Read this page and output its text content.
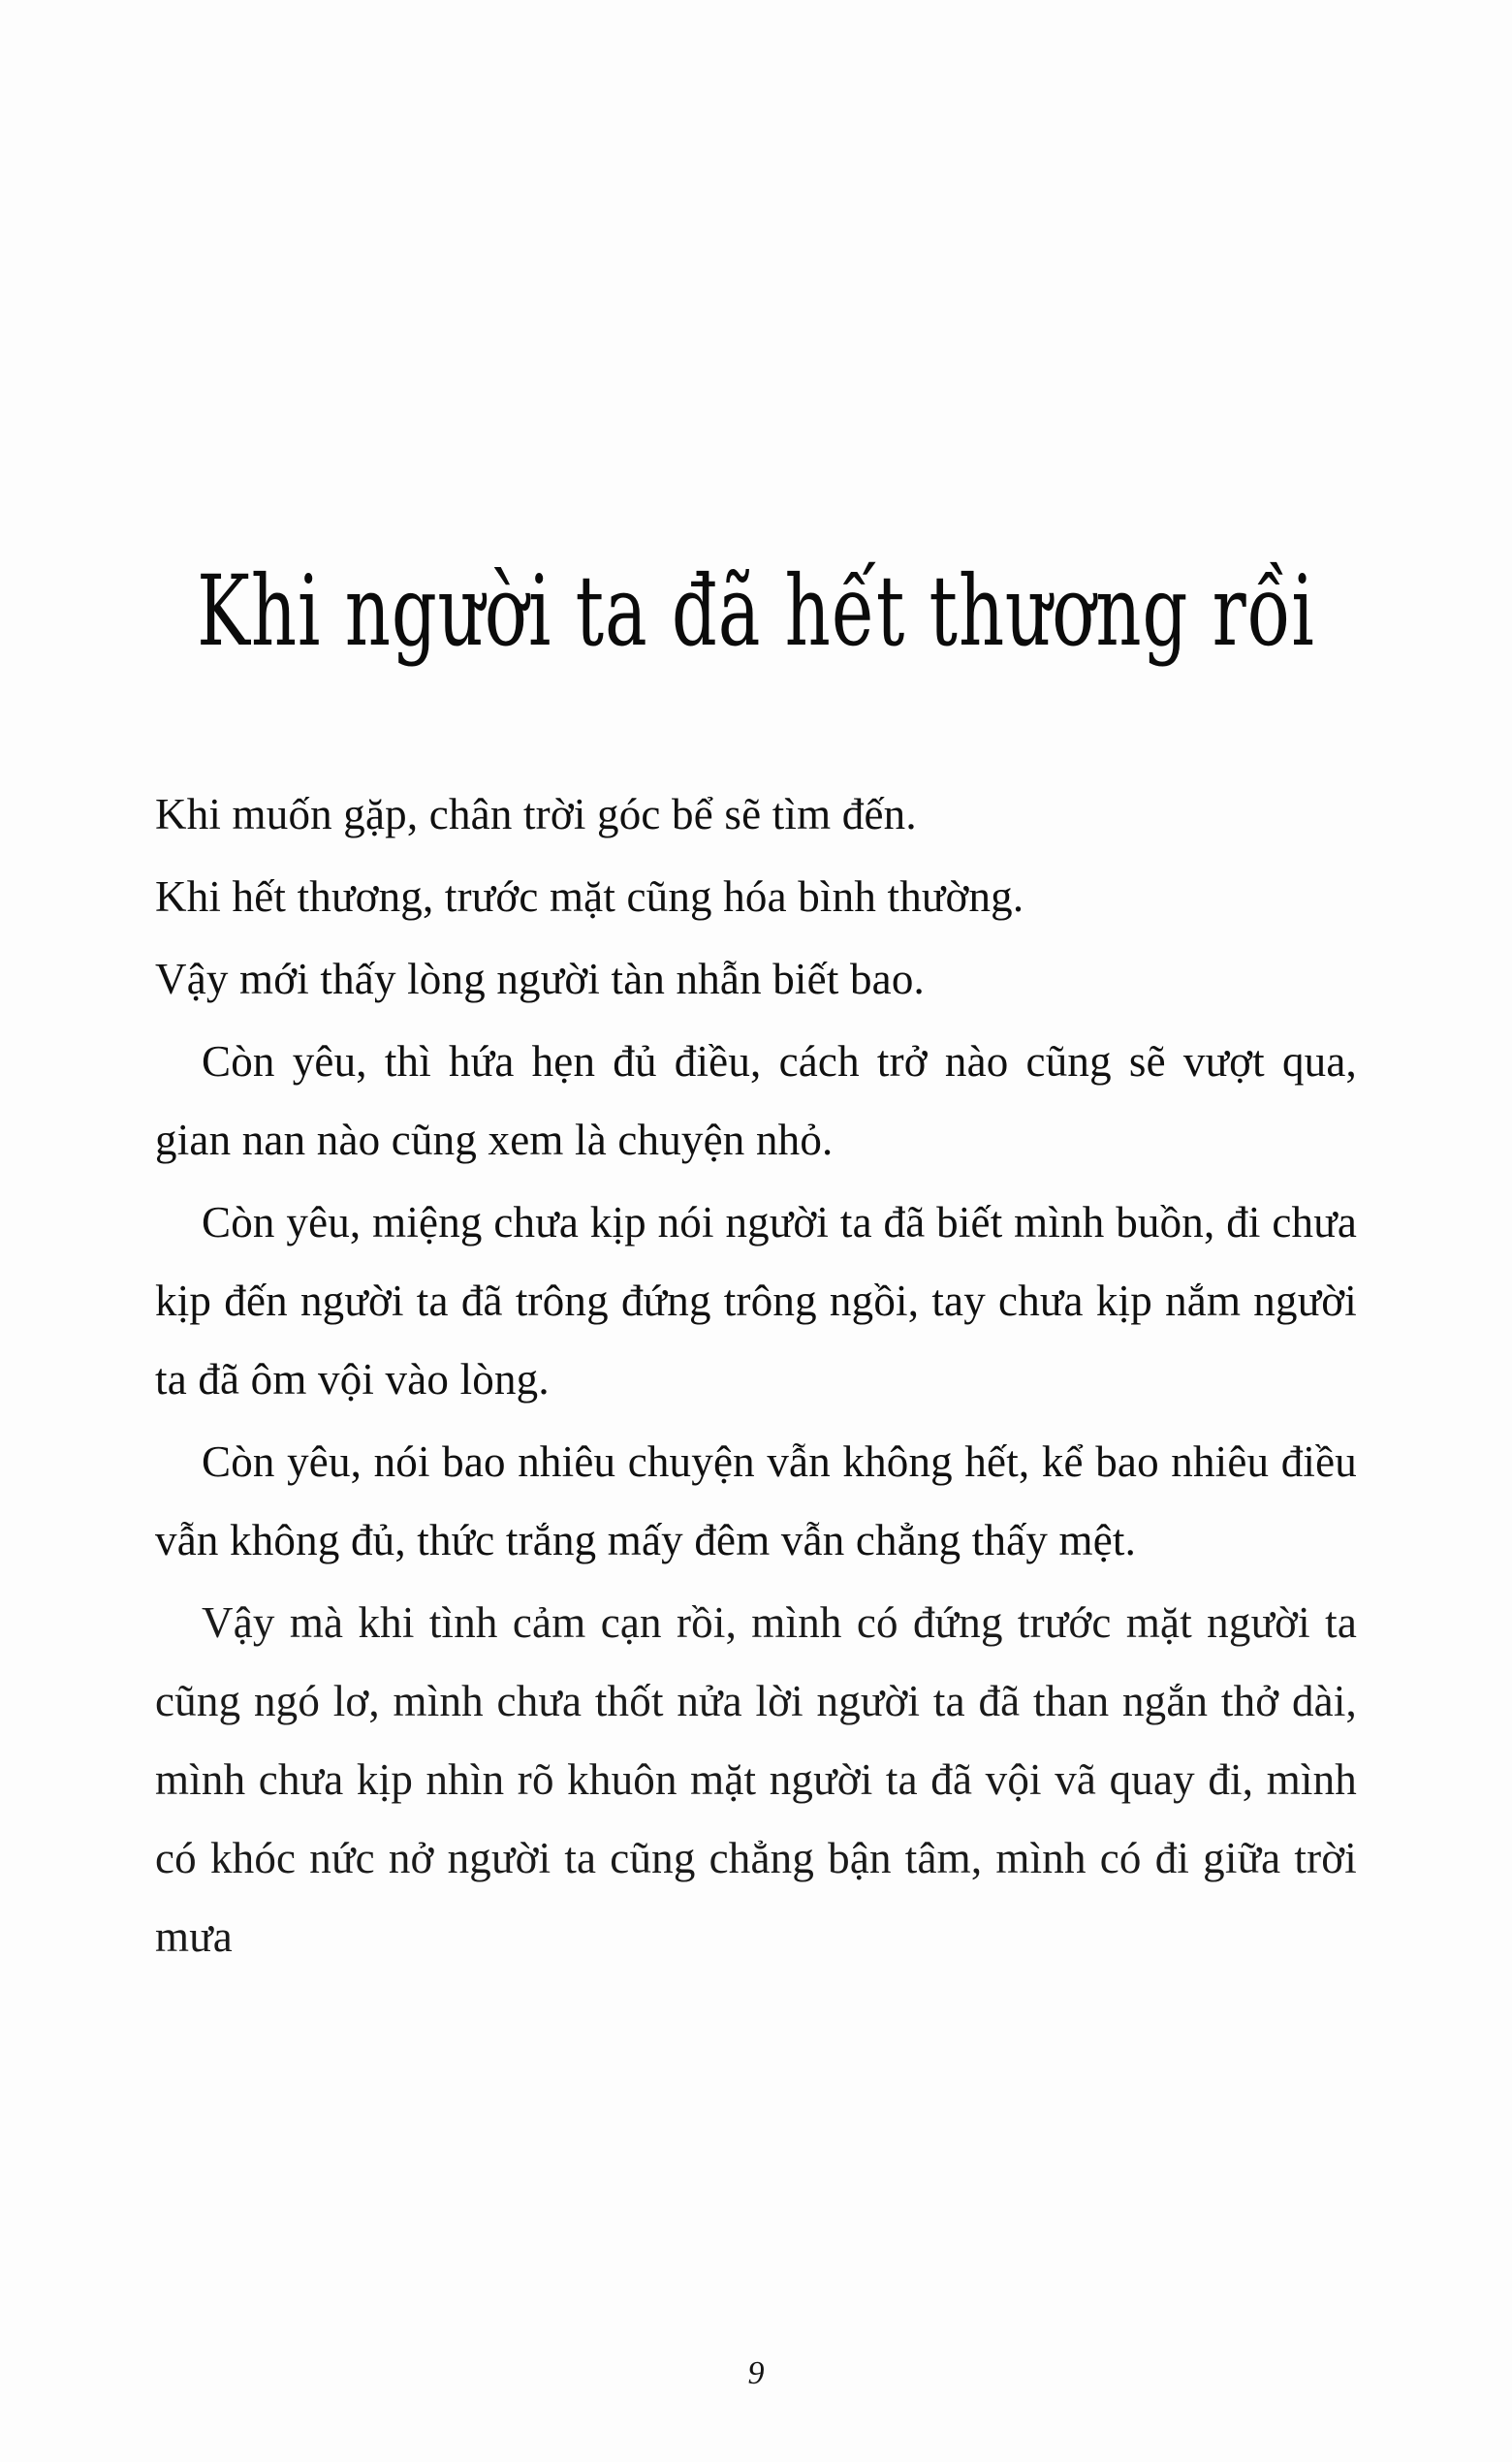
Khi người ta đã hết thương rồi

Khi muốn gặp, chân trời góc bể sẽ tìm đến.

Khi hết thương, trước mặt cũng hóa bình thường.

Vậy mới thấy lòng người tàn nhẫn biết bao.

Còn yêu, thì hứa hẹn đủ điều, cách trở nào cũng sẽ vượt qua, gian nan nào cũng xem là chuyện nhỏ.

Còn yêu, miệng chưa kịp nói người ta đã biết mình buồn, đi chưa kịp đến người ta đã trông đứng trông ngồi, tay chưa kịp nắm người ta đã ôm vội vào lòng.

Còn yêu, nói bao nhiêu chuyện vẫn không hết, kể bao nhiêu điều vẫn không đủ, thức trắng mấy đêm vẫn chẳng thấy mệt.

Vậy mà khi tình cảm cạn rồi, mình có đứng trước mặt người ta cũng ngó lơ, mình chưa thốt nửa lời người ta đã than ngắn thở dài, mình chưa kịp nhìn rõ khuôn mặt người ta đã vội vã quay đi, mình có khóc nức nở người ta cũng chẳng bận tâm, mình có đi giữa trời mưa

9
